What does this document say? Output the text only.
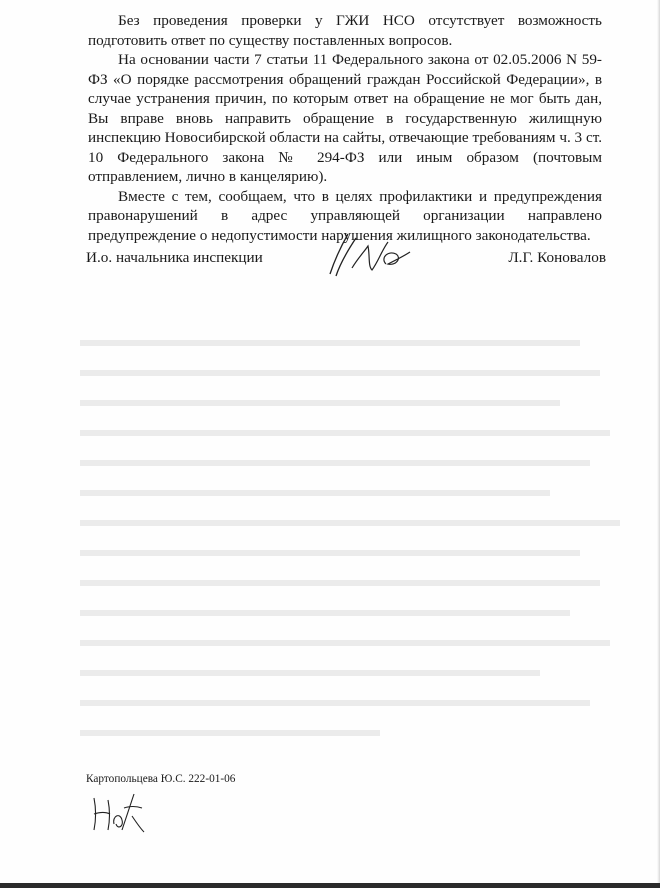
Без проведения проверки у ГЖИ НСО отсутствует возможность подготовить ответ по существу поставленных вопросов.

На основании части 7 статьи 11 Федерального закона от 02.05.2006 N 59-ФЗ «О порядке рассмотрения обращений граждан Российской Федерации», в случае устранения причин, по которым ответ на обращение не мог быть дан, Вы вправе вновь направить обращение в государственную жилищную инспекцию Новосибирской области на сайты, отвечающие требованиям ч. 3 ст. 10 Федерального закона № 294-ФЗ или иным образом (почтовым отправлением, лично в канцелярию).

Вместе с тем, сообщаем, что в целях профилактики и предупреждения правонарушений в адрес управляющей организации направлено предупреждение о недопустимости нарушения жилищного законодательства.

И.о. начальника инспекции	Л.Г. Коновалов
Картопольцева Ю.С. 222-01-06
